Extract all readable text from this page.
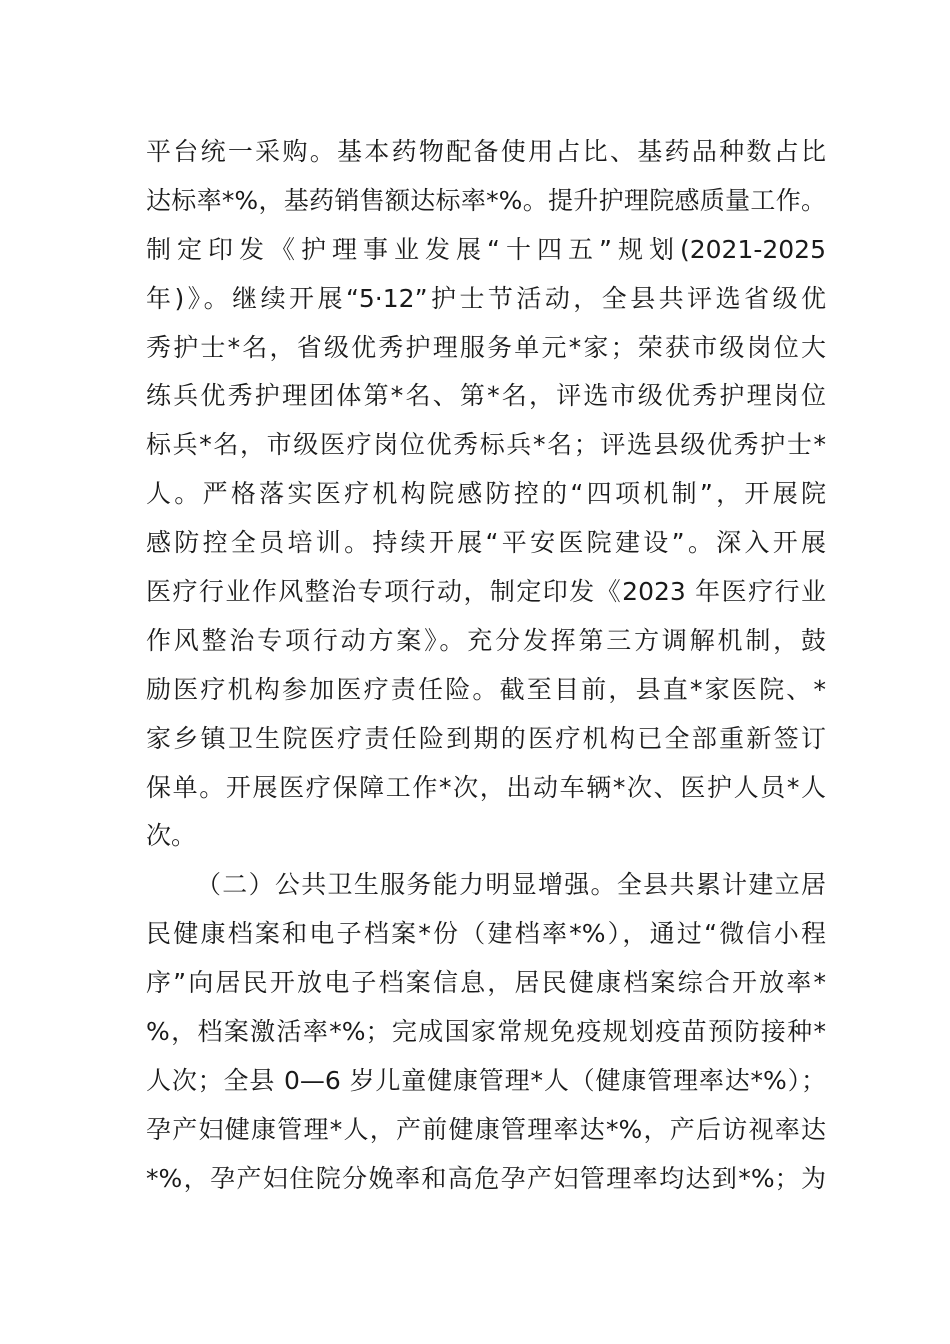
平台统一采购。基本药物配备使用占比、基药品种数占比
达标率*%，基药销售额达标率*%。提升护理院感质量工作。
制定印发《护理事业发展“十四五”规划(2021-2025
年)》。继续开展“5·12”护士节活动，全县共评选省级优
秀护士*名，省级优秀护理服务单元*家；荣获市级岗位大
练兵优秀护理团体第*名、第*名，评选市级优秀护理岗位
标兵*名，市级医疗岗位优秀标兵*名；评选县级优秀护士*
人。严格落实医疗机构院感防控的“四项机制”，开展院
感防控全员培训。持续开展“平安医院建设”。深入开展
医疗行业作风整治专项行动，制定印发《2023 年医疗行业
作风整治专项行动方案》。充分发挥第三方调解机制，鼓
励医疗机构参加医疗责任险。截至目前，县直*家医院、*
家乡镇卫生院医疗责任险到期的医疗机构已全部重新签订
保单。开展医疗保障工作*次，出动车辆*次、医护人员*人
次。
（二）公共卫生服务能力明显增强。全县共累计建立居
民健康档案和电子档案*份（建档率*%），通过“微信小程
序”向居民开放电子档案信息，居民健康档案综合开放率*
%，档案激活率*%；完成国家常规免疫规划疫苗预防接种*
人次；全县 0—6 岁儿童健康管理*人（健康管理率达*%）；
孕产妇健康管理*人，产前健康管理率达*%，产后访视率达
*%，孕产妇住院分娩率和高危孕产妇管理率均达到*%；为
